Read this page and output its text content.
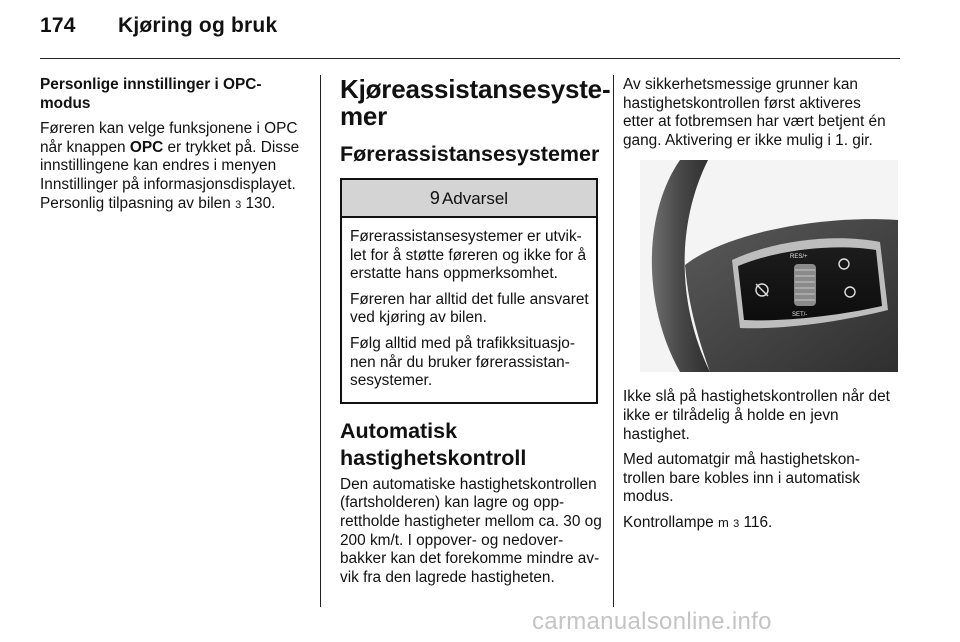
174 Kjøring og bruk

Personlige innstillinger i OPC-modus

Føreren kan velge funksjonene i OPC når knappen OPC er trykket på. Disse innstillingene kan endres i menyen Innstillinger på informasjonsdisplayet. Personlig tilpasning av bilen 3 130.

Kjøreassistansesystemer
Førerassistansesystemer
9 Advarsel

Førerassistansesystemer er utviklet for å støtte føreren og ikke for å erstatte hans oppmerksomhet.

Føreren har alltid det fulle ansvaret ved kjøring av bilen.

Følg alltid med på trafikksituasjonen når du bruker førerassistansesystemer.

Automatisk hastighetskontroll

Den automatiske hastighetskontrollen (fartsholderen) kan lagre og opprettholde hastigheter mellom ca. 30 og 200 km/t. I oppover- og nedoverbakker kan det forekomme mindre avvik fra den lagrede hastigheten.

Av sikkerhetsmessige grunner kan hastighetskontrollen først aktiveres etter at fotbremsen har vært betjent én gang. Aktivering er ikke mulig i 1. gir.

RES/+
SET/-

Ikke slå på hastighetskontrollen når det ikke er tilrådelig å holde en jevn hastighet.

Med automatgir må hastighetskontrollen bare kobles inn i automatisk modus.

Kontrollampe m 3 116.

carmanualsonline.info
